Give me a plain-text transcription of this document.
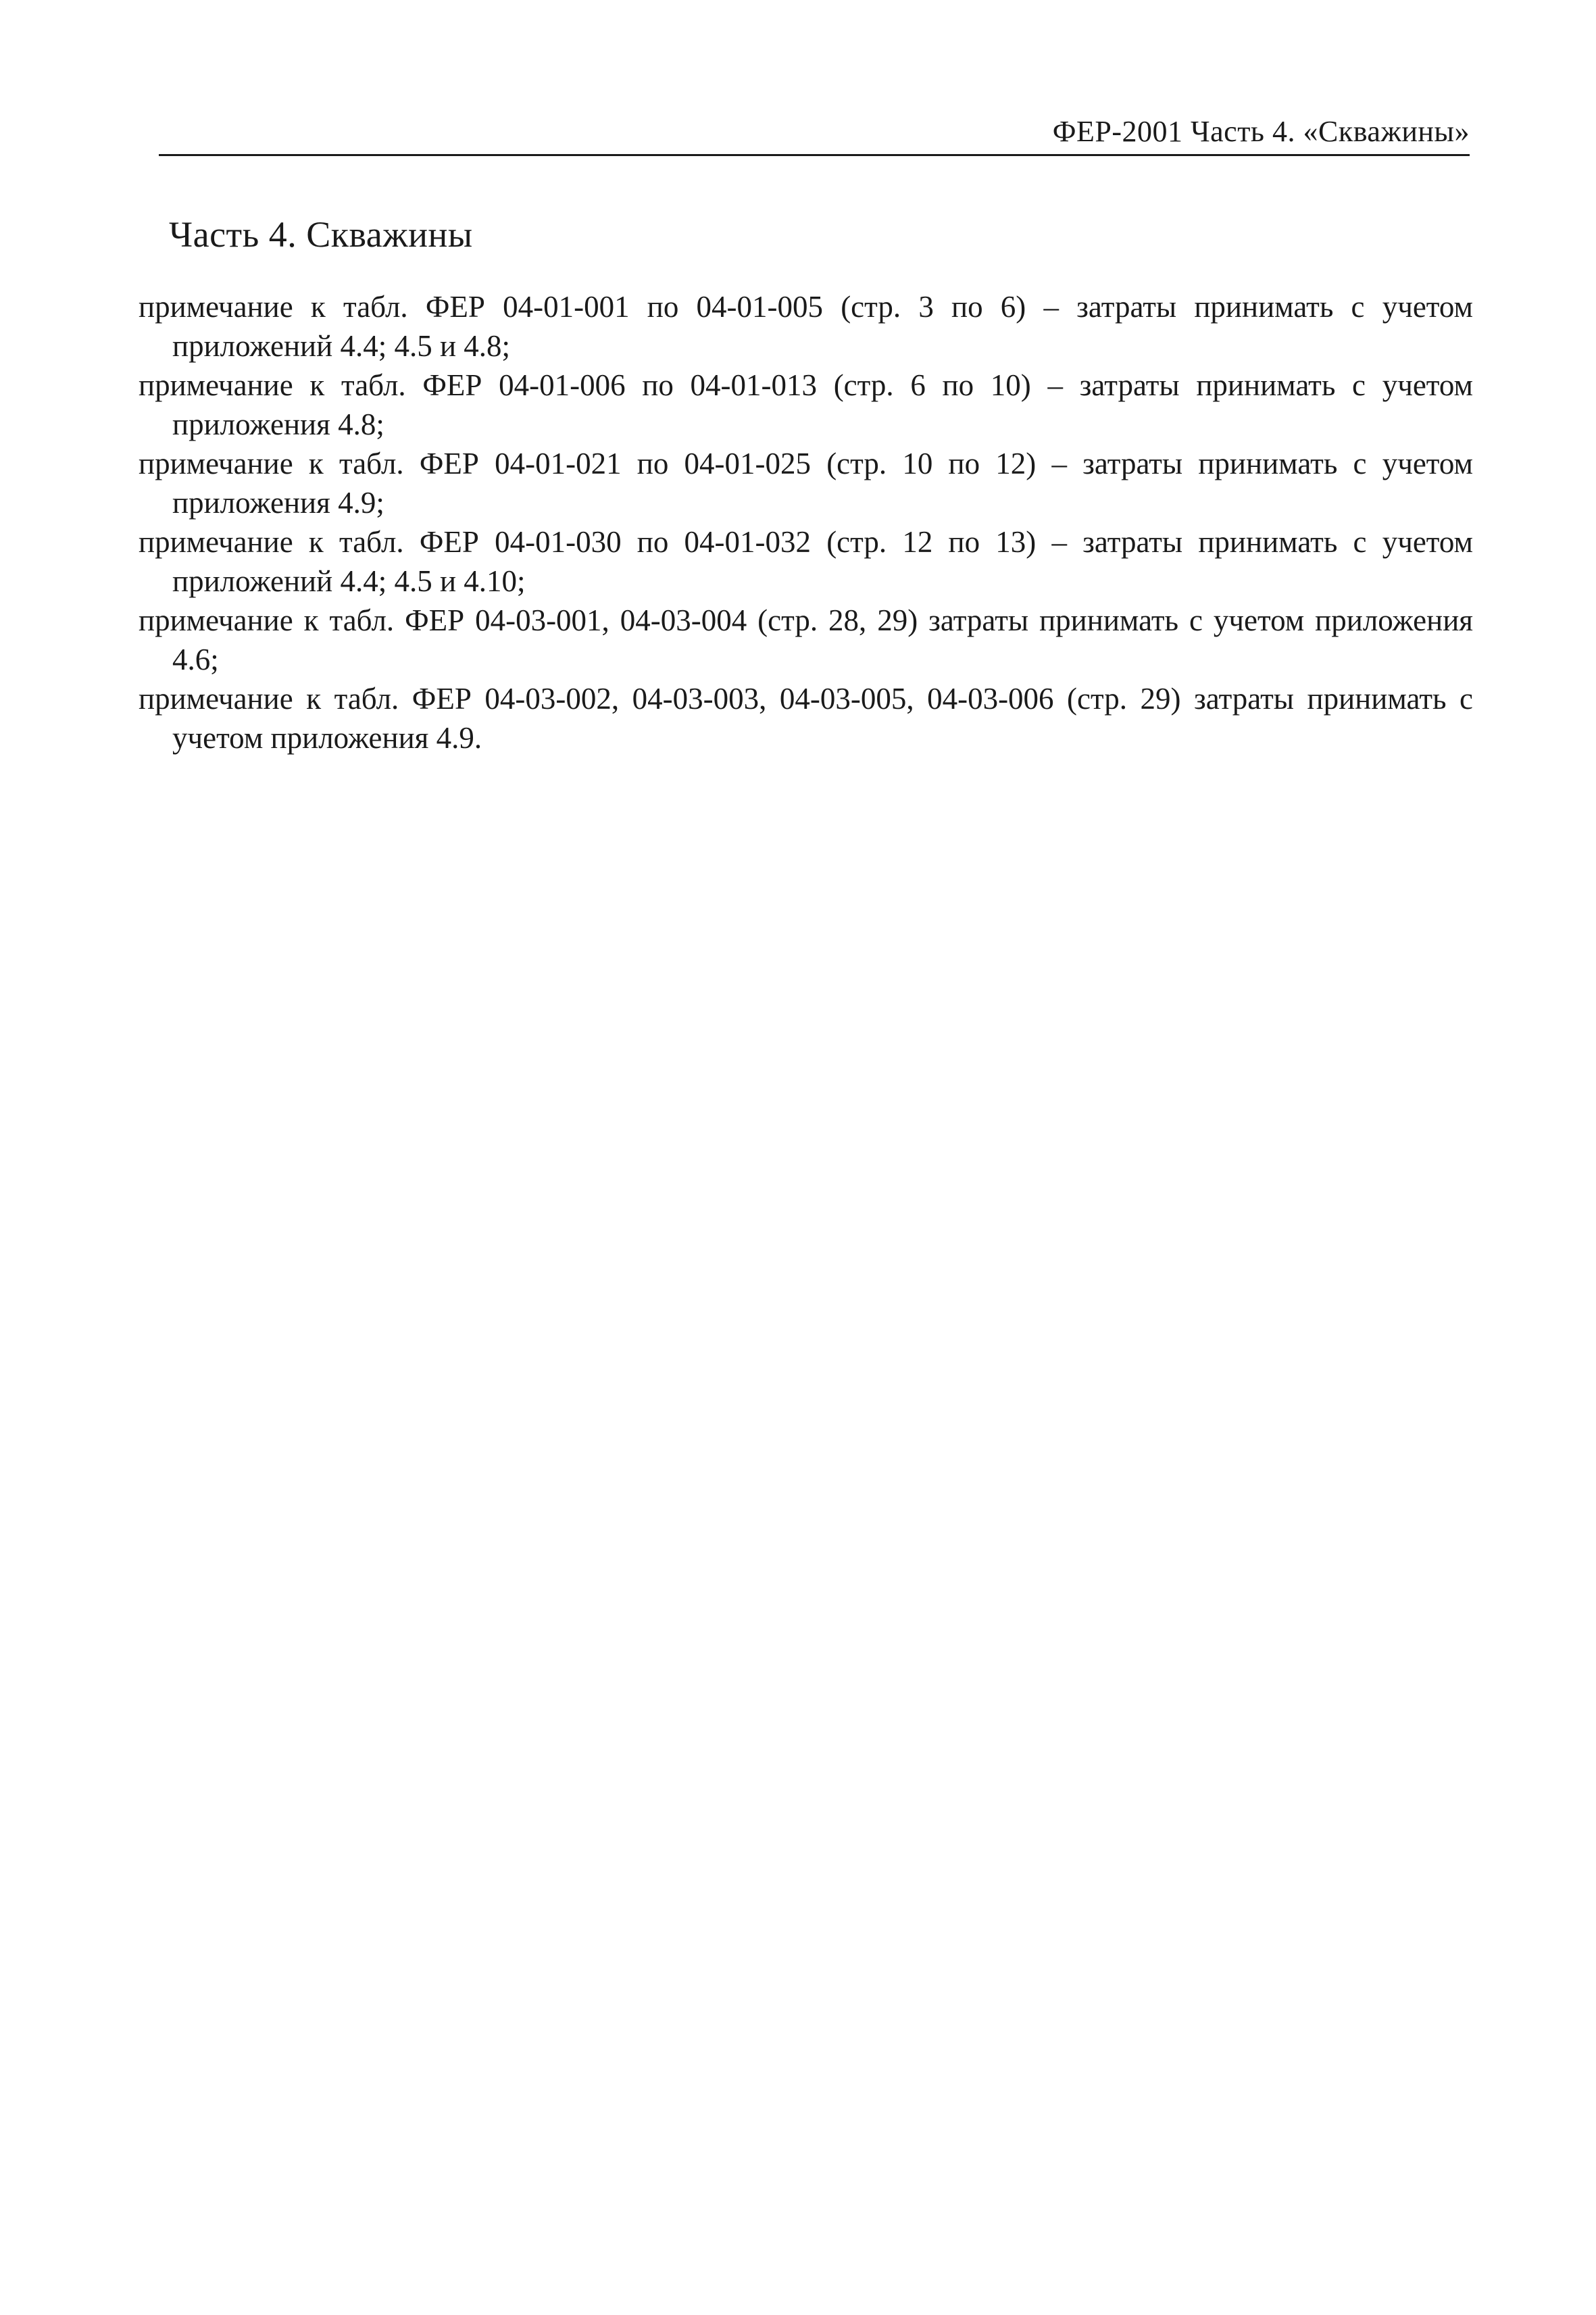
ФЕР-2001 Часть 4. «Скважины»
Часть 4. Скважины
примечание к табл. ФЕР 04-01-001 по 04-01-005 (стр. 3 по 6) – затраты принимать с учетом приложений 4.4; 4.5 и 4.8;
примечание к табл. ФЕР 04-01-006 по 04-01-013 (стр. 6 по 10) – затраты принимать с учетом приложения 4.8;
примечание к табл. ФЕР 04-01-021 по 04-01-025 (стр. 10 по 12) – затраты принимать с учетом приложения 4.9;
примечание к табл. ФЕР 04-01-030 по 04-01-032 (стр. 12 по 13) – затраты принимать с учетом приложений 4.4; 4.5 и 4.10;
примечание к табл. ФЕР 04-03-001, 04-03-004 (стр. 28, 29) затраты принимать с учетом приложения 4.6;
примечание к табл. ФЕР 04-03-002, 04-03-003, 04-03-005, 04-03-006 (стр. 29) затраты принимать с учетом приложения 4.9.
